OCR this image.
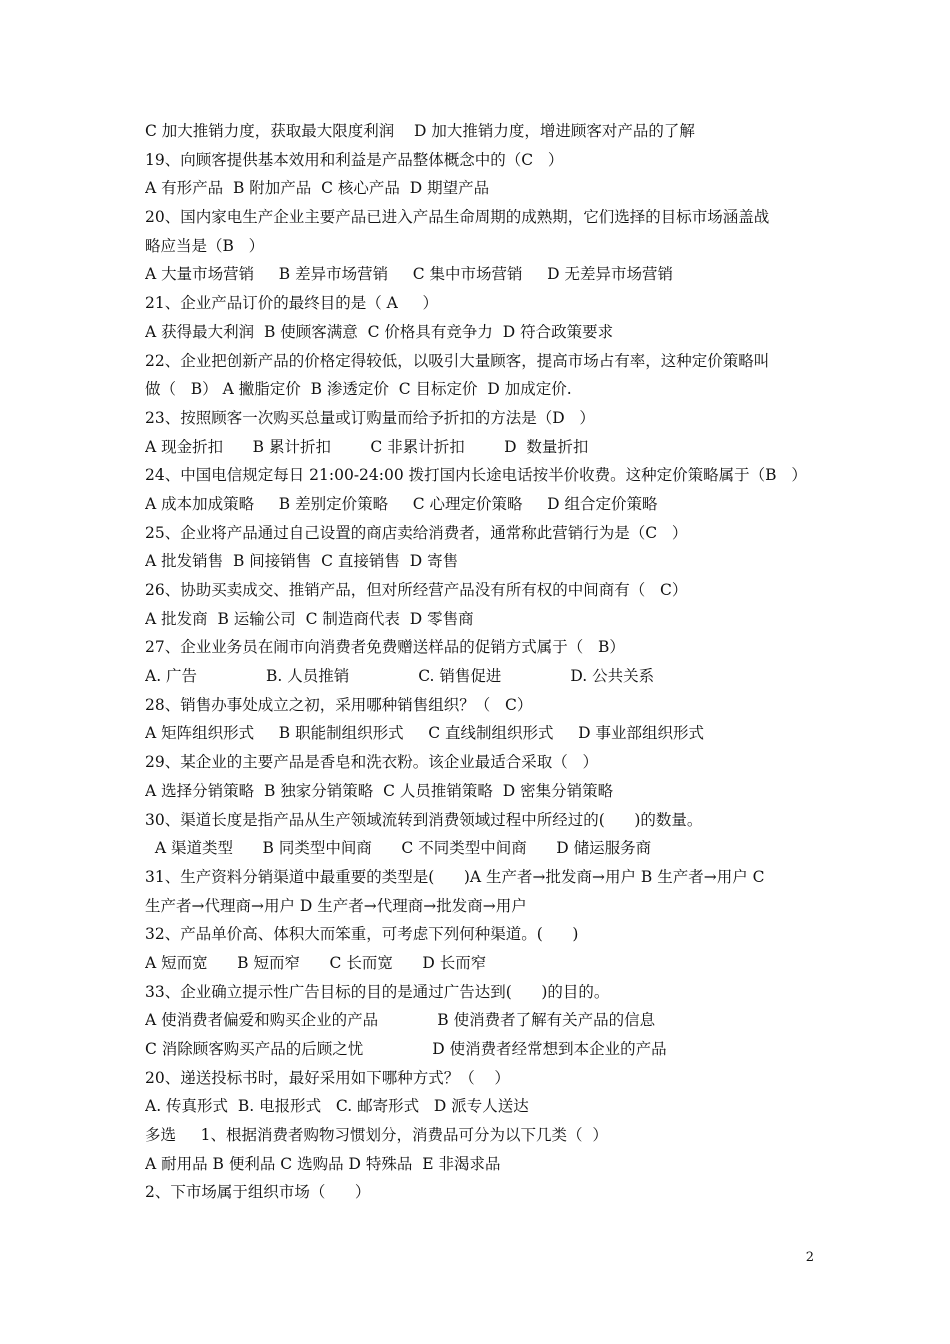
C 加大推销力度，获取最大限度利润    D 加大推销力度，增进顾客对产品的了解
19、向顾客提供基本效用和利益是产品整体概念中的（C   ）
A 有形产品  B 附加产品  C 核心产品  D 期望产品
20、国内家电生产企业主要产品已进入产品生命周期的成熟期，它们选择的目标市场涵盖战
略应当是（B   ）
A 大量市场营销     B 差异市场营销     C 集中市场营销     D 无差异市场营销
21、企业产品订价的最终目的是（ A     ）
A 获得最大利润  B 使顾客满意  C 价格具有竞争力  D 符合政策要求
22、企业把创新产品的价格定得较低，以吸引大量顾客，提高市场占有率，这种定价策略叫
做（   B） A 撇脂定价  B 渗透定价  C 目标定价  D 加成定价.
23、按照顾客一次购买总量或订购量而给予折扣的方法是（D   ）
A 现金折扣      B 累计折扣        C 非累计折扣        D  数量折扣
24、中国电信规定每日 21:00-24:00 拨打国内长途电话按半价收费。这种定价策略属于（B   ）
A 成本加成策略     B 差别定价策略     C 心理定价策略     D 组合定价策略
25、企业将产品通过自己设置的商店卖给消费者，通常称此营销行为是（C   ）
A 批发销售  B 间接销售  C 直接销售  D 寄售
26、协助买卖成交、推销产品，但对所经营产品没有所有权的中间商有（   C）
A 批发商  B 运输公司  C 制造商代表  D 零售商
27、企业业务员在闹市向消费者免费赠送样品的促销方式属于（   B）
A. 广告              B. 人员推销              C. 销售促进              D. 公共关系
28、销售办事处成立之初，采用哪种销售组织？（   C）
A 矩阵组织形式     B 职能制组织形式     C 直线制组织形式     D 事业部组织形式
29、某企业的主要产品是香皂和洗衣粉。该企业最适合采取（   ）
A 选择分销策略  B 独家分销策略  C 人员推销策略  D 密集分销策略
30、渠道长度是指产品从生产领域流转到消费领域过程中所经过的(      )的数量。
A 渠道类型      B 同类型中间商      C 不同类型中间商      D 储运服务商
31、生产资料分销渠道中最重要的类型是(      )A 生产者→批发商→用户 B 生产者→用户 C
生产者→代理商→用户 D 生产者→代理商→批发商→用户
32、产品单价高、体积大而笨重，可考虑下列何种渠道。(      )
A 短而宽      B 短而窄      C 长而宽      D 长而窄
33、企业确立提示性广告目标的目的是通过广告达到(      )的目的。
A 使消费者偏爱和购买企业的产品            B 使消费者了解有关产品的信息
C 消除顾客购买产品的后顾之忧              D 使消费者经常想到本企业的产品
20、递送投标书时，最好采用如下哪种方式？（    ）
A. 传真形式  B. 电报形式   C. 邮寄形式   D 派专人送达
多选     1、根据消费者购物习惯划分，消费品可分为以下几类（  ）
A 耐用品 B 便利品 C 选购品 D 特殊品  E 非渴求品
2、下市场属于组织市场（      ）
2
